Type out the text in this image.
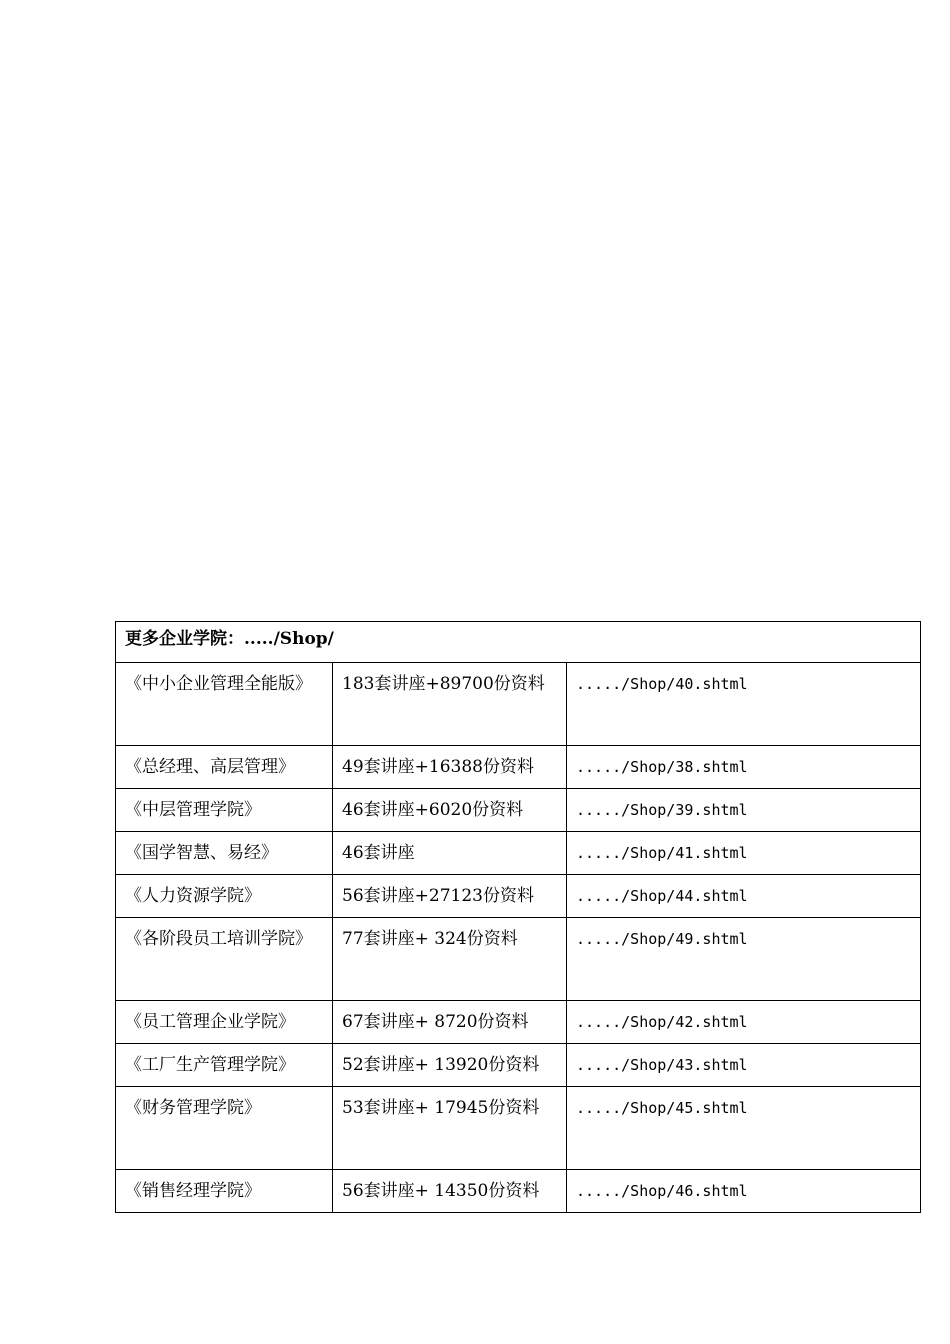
更多企业学院：...../Shop/		
《中小企业管理全能版》	183套讲座+89700份资料	...../Shop/40.shtml
《总经理、高层管理》	49套讲座+16388份资料	...../Shop/38.shtml
《中层管理学院》	46套讲座+6020份资料	...../Shop/39.shtml
《国学智慧、易经》	46套讲座	...../Shop/41.shtml
《人力资源学院》	56套讲座+27123份资料	...../Shop/44.shtml
《各阶段员工培训学院》	77套讲座+ 324份资料	...../Shop/49.shtml
《员工管理企业学院》	67套讲座+ 8720份资料	...../Shop/42.shtml
《工厂生产管理学院》	52套讲座+ 13920份资料	...../Shop/43.shtml
《财务管理学院》	53套讲座+ 17945份资料	...../Shop/45.shtml
《销售经理学院》	56套讲座+ 14350份资料	...../Shop/46.shtml
